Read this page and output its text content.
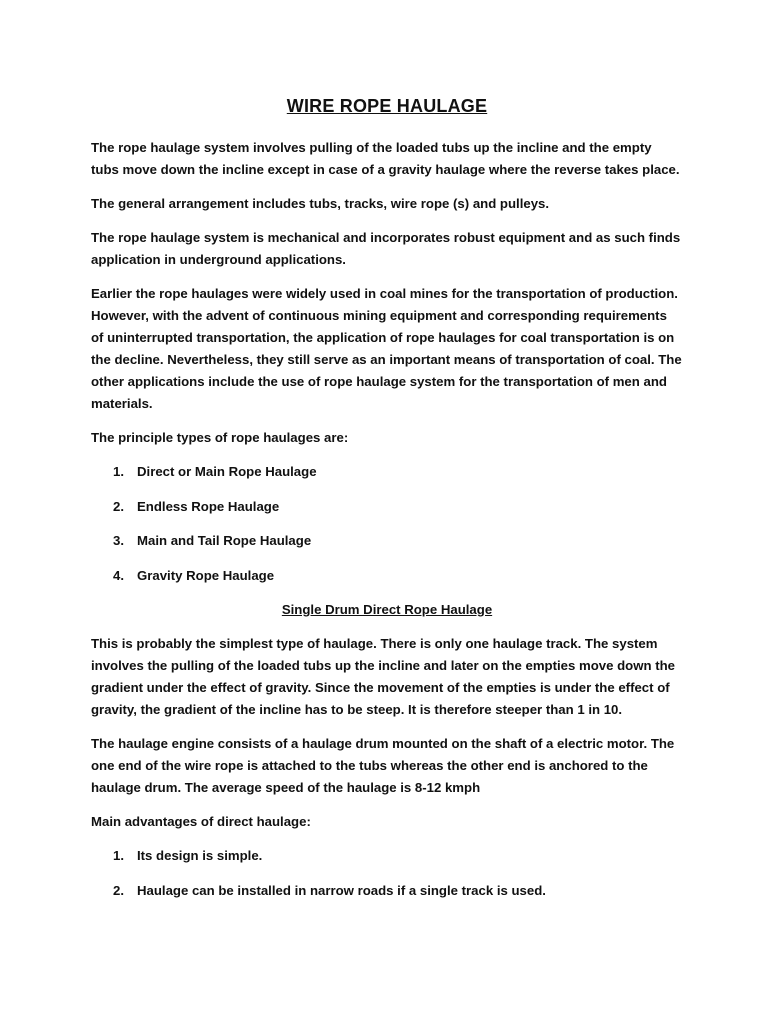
WIRE ROPE HAULAGE

The rope haulage system involves pulling of the loaded tubs up the incline and the empty tubs move down the incline except in case of a gravity haulage where the reverse takes place.

The general arrangement includes tubs, tracks, wire rope (s) and pulleys.

The rope haulage system is mechanical and incorporates robust equipment and as such finds application in underground applications.

Earlier the rope haulages were widely used in coal mines for the transportation of production. However, with the advent of continuous mining equipment and corresponding requirements of uninterrupted transportation, the application of rope haulages for coal transportation is on the decline. Nevertheless, they still serve as an important means of transportation of coal. The other applications include the use of rope haulage system for the transportation of men and materials.

The principle types of rope haulages are:

1. Direct or Main Rope Haulage
2. Endless Rope Haulage
3. Main and Tail Rope Haulage
4. Gravity Rope Haulage
Single Drum Direct Rope Haulage

This is probably the simplest type of haulage. There is only one haulage track. The system involves the pulling of the loaded tubs up the incline and later on the empties move down the gradient under the effect of gravity. Since the movement of the empties is under the effect of gravity, the gradient of the incline has to be steep. It is therefore steeper than 1 in 10.

The haulage engine consists of a haulage drum mounted on the shaft of a electric motor. The one end of the wire rope is attached to the tubs whereas the other end is anchored to the haulage drum. The average speed of the haulage is 8-12 kmph

Main advantages of direct haulage:

1. Its design is simple.
2. Haulage can be installed in narrow roads if a single track is used.
